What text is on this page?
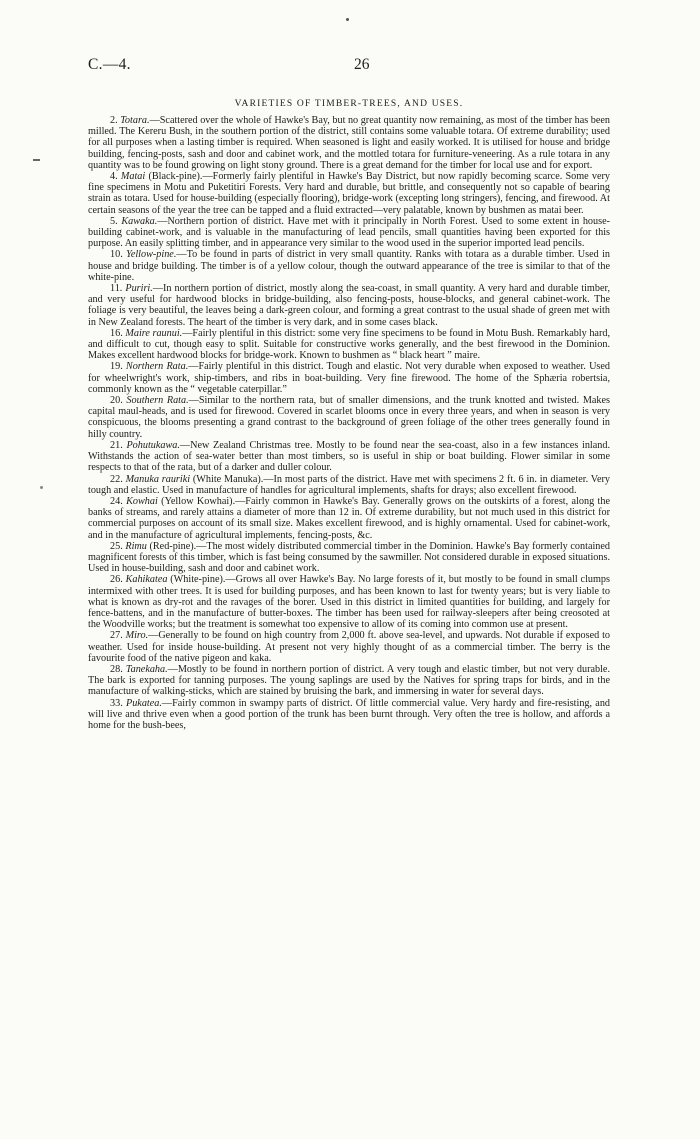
C.—4.	26
VARIETIES OF TIMBER-TREES, AND USES.

2. Totara.—Scattered over the whole of Hawke's Bay, but no great quantity now remaining, as most of the timber has been milled. The Kereru Bush, in the southern portion of the district, still contains some valuable totara. Of extreme durability; used for all purposes when a lasting timber is required. When seasoned is light and easily worked. It is utilised for house and bridge building, fencing-posts, sash and door and cabinet work, and the mottled totara for furniture-veneering. As a rule totara in any quantity was to be found growing on light stony ground. There is a great demand for the timber for local use and for export.

4. Matai (Black-pine).—Formerly fairly plentiful in Hawke's Bay District, but now rapidly becoming scarce. Some very fine specimens in Motu and Puketitiri Forests. Very hard and durable, but brittle, and consequently not so capable of bearing strain as totara. Used for house-building (especially flooring), bridge-work (excepting long stringers), fencing, and firewood. At certain seasons of the year the tree can be tapped and a fluid extracted—very palatable, known by bushmen as matai beer.

5. Kawaka.—Northern portion of district. Have met with it principally in North Forest. Used to some extent in house-building cabinet-work, and is valuable in the manufacturing of lead pencils, small quantities having been exported for this purpose. An easily splitting timber, and in appearance very similar to the wood used in the superior imported lead pencils.

10. Yellow-pine.—To be found in parts of district in very small quantity. Ranks with totara as a durable timber. Used in house and bridge building. The timber is of a yellow colour, though the outward appearance of the tree is similar to that of the white-pine.

11. Puriri.—In northern portion of district, mostly along the sea-coast, in small quantity. A very hard and durable timber, and very useful for hardwood blocks in bridge-building, also fencing-posts, house-blocks, and general cabinet-work. The foliage is very beautiful, the leaves being a dark-green colour, and forming a great contrast to the usual shade of green met with in New Zealand forests. The heart of the timber is very dark, and in some cases black.

16. Maire raunui.—Fairly plentiful in this district: some very fine specimens to be found in Motu Bush. Remarkably hard, and difficult to cut, though easy to split. Suitable for constructive works generally, and the best firewood in the Dominion. Makes excellent hardwood blocks for bridge-work. Known to bushmen as “ black heart ” maire.

19. Northern Rata.—Fairly plentiful in this district. Tough and elastic. Not very durable when exposed to weather. Used for wheelwright's work, ship-timbers, and ribs in boat-building. Very fine firewood. The home of the Sphæria robertsia, commonly known as the “ vegetable caterpillar.”

20. Southern Rata.—Similar to the northern rata, but of smaller dimensions, and the trunk knotted and twisted. Makes capital maul-heads, and is used for firewood. Covered in scarlet blooms once in every three years, and when in season is very conspicuous, the blooms presenting a grand contrast to the background of green foliage of the other trees generally found in hilly country.

21. Pohutukawa.—New Zealand Christmas tree. Mostly to be found near the sea-coast, also in a few instances inland. Withstands the action of sea-water better than most timbers, so is useful in ship or boat building. Flower similar in some respects to that of the rata, but of a darker and duller colour.

22. Manuka rauriki (White Manuka).—In most parts of the district. Have met with specimens 2 ft. 6 in. in diameter. Very tough and elastic. Used in manufacture of handles for agricultural implements, shafts for drays; also excellent firewood.

24. Kowhai (Yellow Kowhai).—Fairly common in Hawke's Bay. Generally grows on the outskirts of a forest, along the banks of streams, and rarely attains a diameter of more than 12 in. Of extreme durability, but not much used in this district for commercial purposes on account of its small size. Makes excellent firewood, and is highly ornamental. Used for cabinet-work, and in the manufacture of agricultural implements, fencing-posts, &c.

25. Rimu (Red-pine).—The most widely distributed commercial timber in the Dominion. Hawke's Bay formerly contained magnificent forests of this timber, which is fast being consumed by the sawmiller. Not considered durable in exposed situations. Used in house-building, sash and door and cabinet work.

26. Kahikatea (White-pine).—Grows all over Hawke's Bay. No large forests of it, but mostly to be found in small clumps intermixed with other trees. It is used for building purposes, and has been known to last for twenty years; but is very liable to what is known as dry-rot and the ravages of the borer. Used in this district in limited quantities for building, and largely for fence-battens, and in the manufacture of butter-boxes. The timber has been used for railway-sleepers after being creosoted at the Woodville works; but the treatment is somewhat too expensive to allow of its coming into common use at present.

27. Miro.—Generally to be found on high country from 2,000 ft. above sea-level, and upwards. Not durable if exposed to weather. Used for inside house-building. At present not very highly thought of as a commercial timber. The berry is the favourite food of the native pigeon and kaka.

28. Tanekaha.—Mostly to be found in northern portion of district. A very tough and elastic timber, but not very durable. The bark is exported for tanning purposes. The young saplings are used by the Natives for spring traps for birds, and in the manufacture of walking-sticks, which are stained by bruising the bark, and immersing in water for several days.

33. Pukatea.—Fairly common in swampy parts of district. Of little commercial value. Very hardy and fire-resisting, and will live and thrive even when a good portion of the trunk has been burnt through. Very often the tree is hollow, and affords a home for the bush-bees,
